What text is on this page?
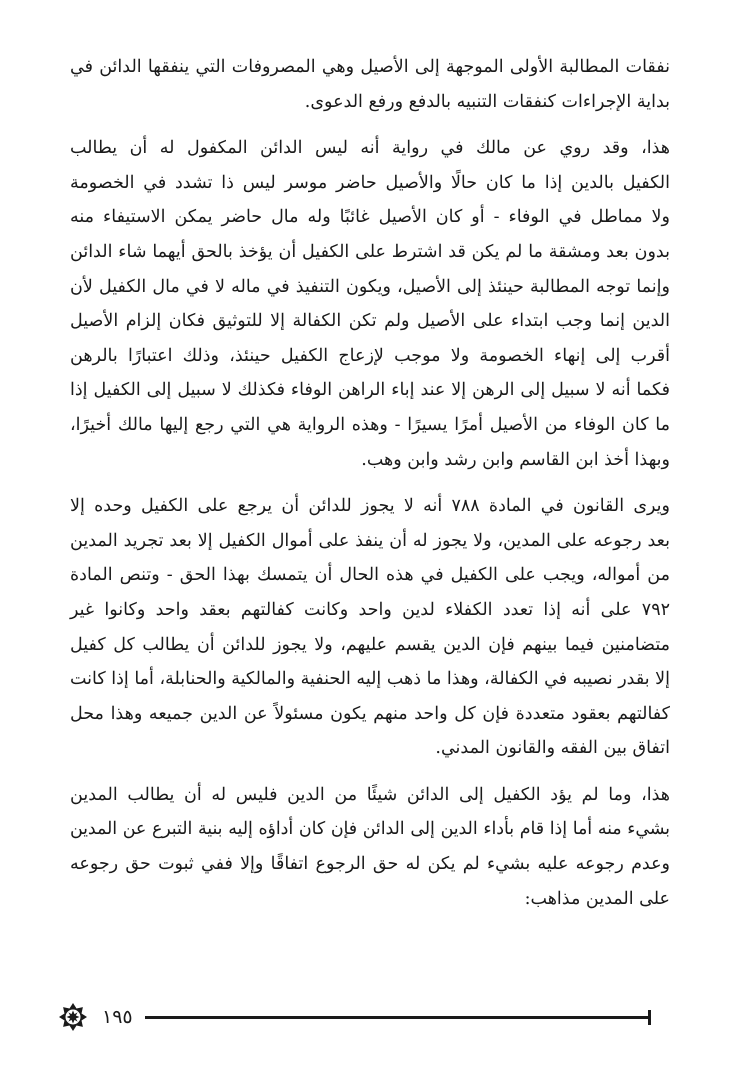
نفقات المطالبة الأولى الموجهة إلى الأصيل وهي المصروفات التي ينفقها الدائن في
بداية الإجراءات كنفقات التنبيه بالدفع ورفع الدعوى.

هذا، وقد روي عن مالك في رواية أنه ليس الدائن المكفول له أن يطالب
الكفيل بالدين إذا ما كان حالًا والأصيل حاضر موسر ليس ذا تشدد في الخصومة
ولا مماطل في الوفاء - أو كان الأصيل غائبًا وله مال حاضر يمكن الاستيفاء منه
بدون بعد ومشقة ما لم يكن قد اشترط على الكفيل أن يؤخذ بالحق أيهما شاء الدائن
وإنما توجه المطالبة حينئذ إلى الأصيل، ويكون التنفيذ في ماله لا في مال الكفيل لأن
الدين إنما وجب ابتداء على الأصيل ولم تكن الكفالة إلا للتوثيق فكان إلزام الأصيل
أقرب إلى إنهاء الخصومة ولا موجب لإزعاج الكفيل حينئذ، وذلك اعتبارًا بالرهن
فكما أنه لا سبيل إلى الرهن إلا عند إباء الراهن الوفاء فكذلك لا سبيل إلى الكفيل إذا
ما كان الوفاء من الأصيل أمرًا يسيرًا - وهذه الرواية هي التي رجع إليها مالك أخيرًا،
وبهذا أخذ ابن القاسم وابن رشد وابن وهب.

ويرى القانون في المادة ٧٨٨ أنه لا يجوز للدائن أن يرجع على الكفيل وحده إلا
بعد رجوعه على المدين، ولا يجوز له أن ينفذ على أموال الكفيل إلا بعد تجريد المدين
من أمواله، ويجب على الكفيل في هذه الحال أن يتمسك بهذا الحق - وتنص المادة
٧٩٢ على أنه إذا تعدد الكفلاء لدين واحد وكانت كفالتهم بعقد واحد وكانوا غير
متضامنين فيما بينهم فإن الدين يقسم عليهم، ولا يجوز للدائن أن يطالب كل كفيل
إلا بقدر نصيبه في الكفالة، وهذا ما ذهب إليه الحنفية والمالكية والحنابلة، أما إذا كانت
كفالتهم بعقود متعددة فإن كل واحد منهم يكون مسئولاً عن الدين جميعه وهذا محل
اتفاق بين الفقه والقانون المدني.

هذا، وما لم يؤد الكفيل إلى الدائن شيئًا من الدين فليس له أن يطالب المدين
بشيء منه أما إذا قام بأداء الدين إلى الدائن فإن كان أداؤه إليه بنية التبرع عن المدين
وعدم رجوعه عليه بشيء لم يكن له حق الرجوع اتفاقًا وإلا ففي ثبوت حق رجوعه
على المدين مذاهب:

١٩٥
